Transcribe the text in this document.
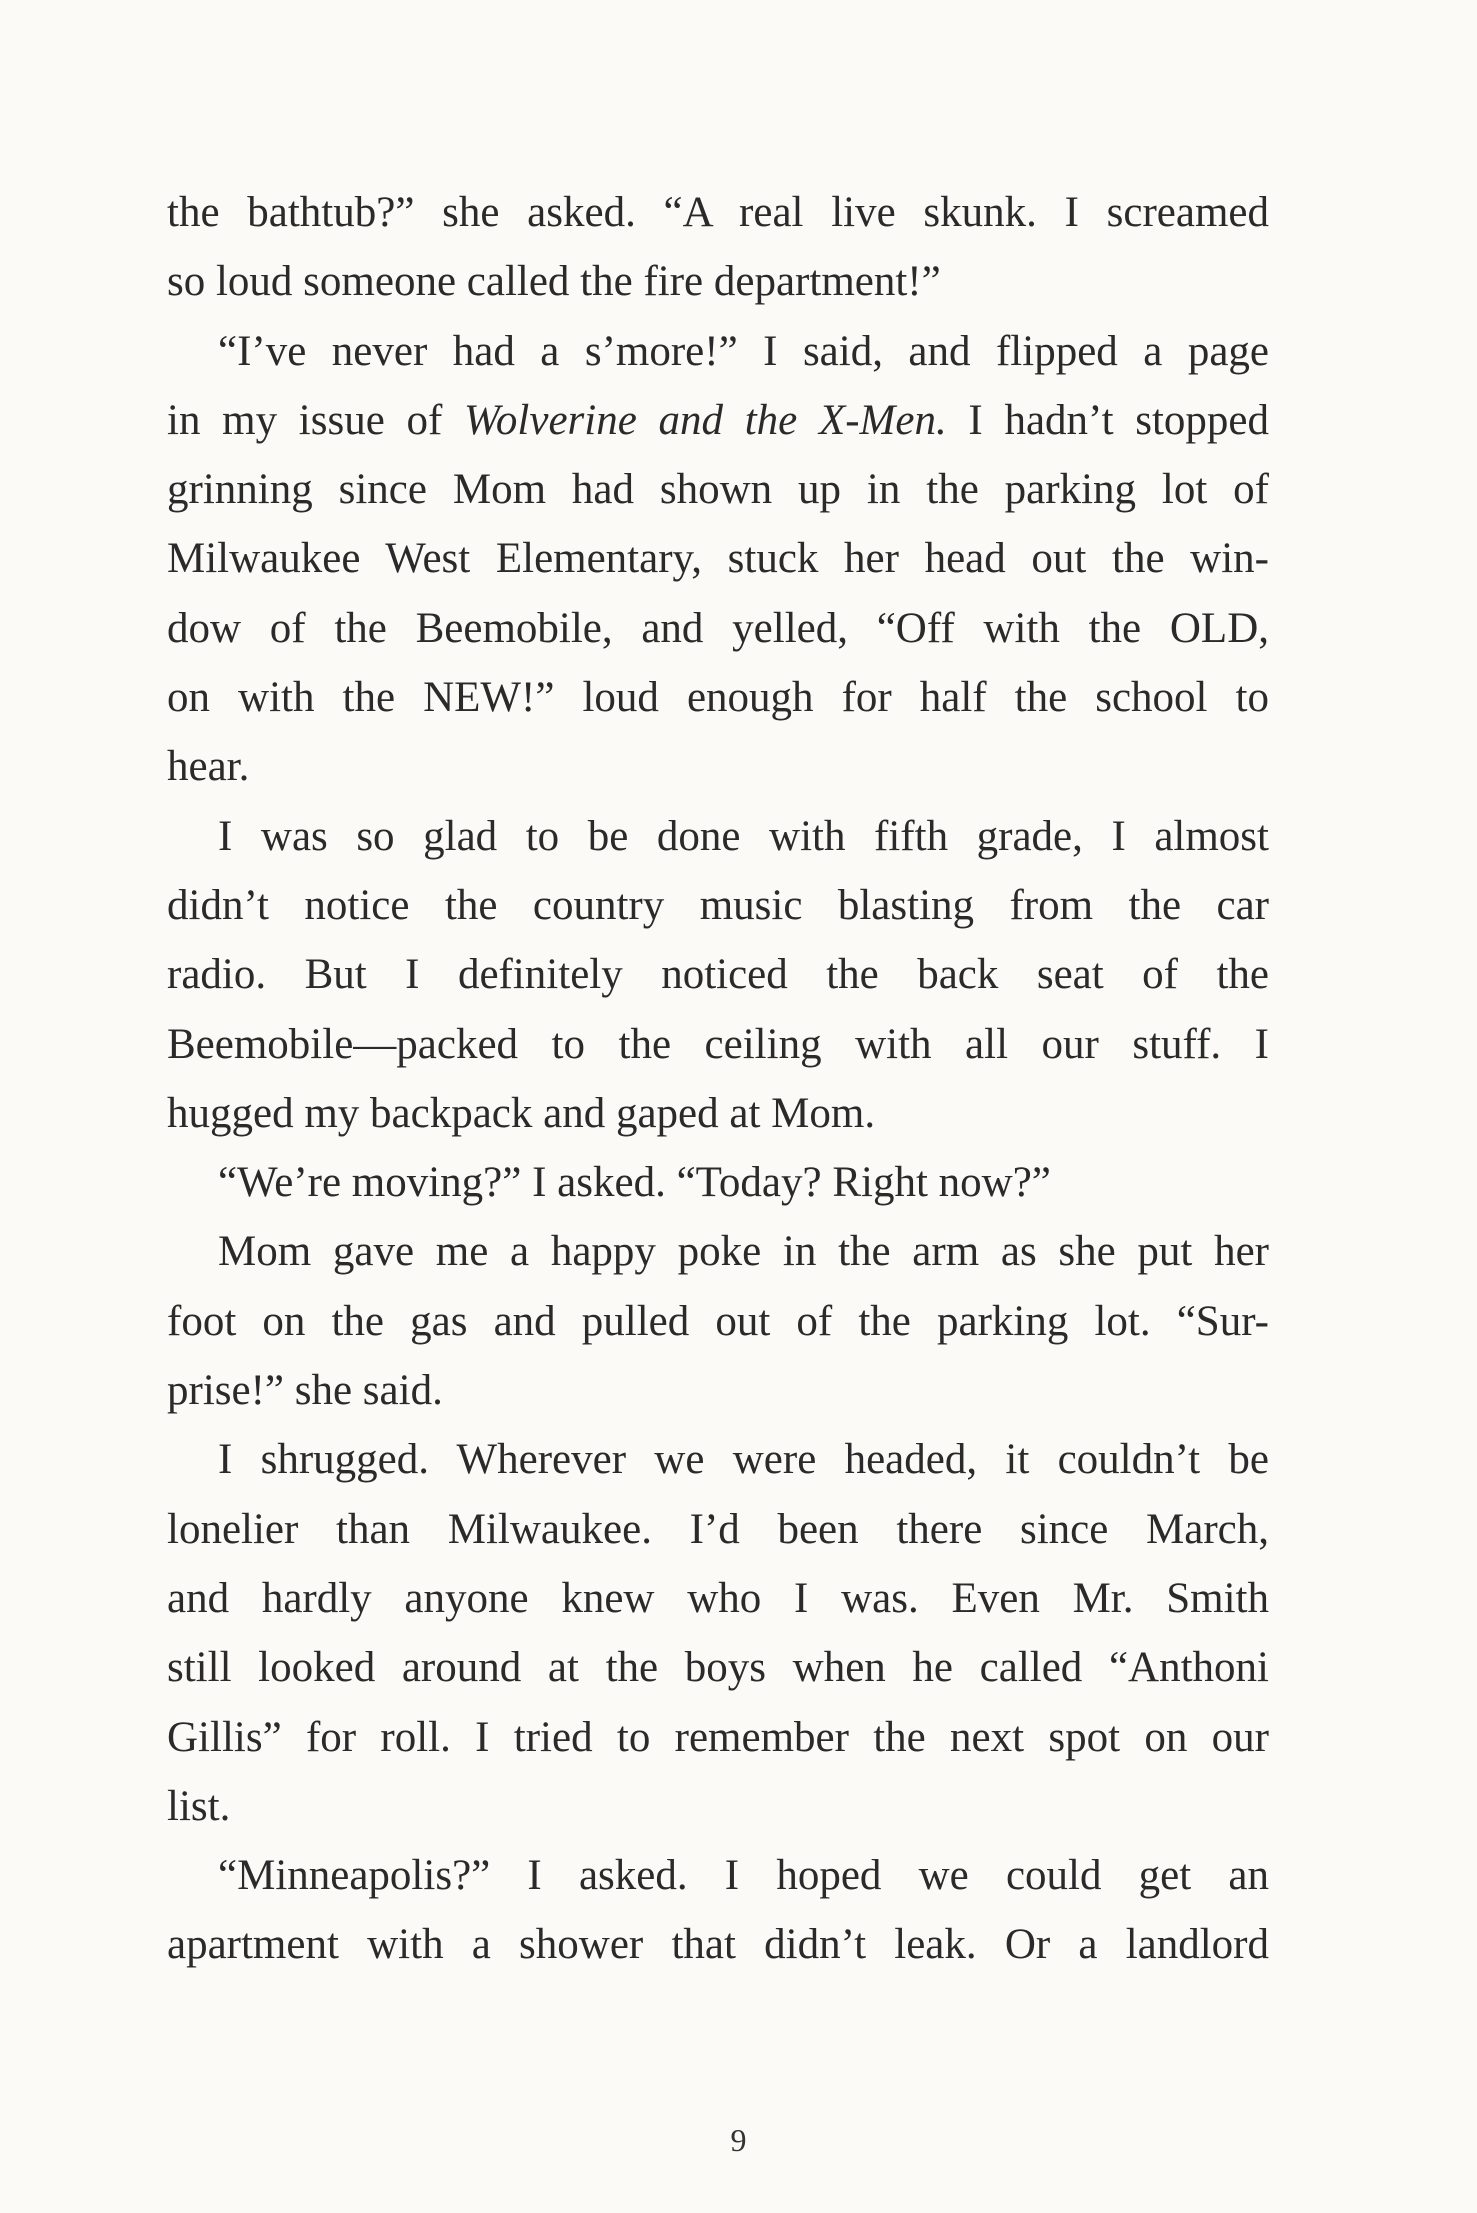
the bathtub?” she asked. “A real live skunk. I screamed
so loud someone called the fire department!”
“I’ve never had a s’more!” I said, and flipped a page
in my issue of Wolverine and the X-Men. I hadn’t stopped
grinning since Mom had shown up in the parking lot of
Milwaukee West Elementary, stuck her head out the win-
dow of the Beemobile, and yelled, “Off with the OLD,
on with the NEW!” loud enough for half the school to
hear.
I was so glad to be done with fifth grade, I almost
didn’t notice the country music blasting from the car
radio. But I definitely noticed the back seat of the
Beemobile—packed to the ceiling with all our stuff. I
hugged my backpack and gaped at Mom.
“We’re moving?” I asked. “Today? Right now?”
Mom gave me a happy poke in the arm as she put her
foot on the gas and pulled out of the parking lot. “Sur-
prise!” she said.
I shrugged. Wherever we were headed, it couldn’t be
lonelier than Milwaukee. I’d been there since March,
and hardly anyone knew who I was. Even Mr. Smith
still looked around at the boys when he called “Anthoni
Gillis” for roll. I tried to remember the next spot on our
list.
“Minneapolis?” I asked. I hoped we could get an
apartment with a shower that didn’t leak. Or a landlord
9
